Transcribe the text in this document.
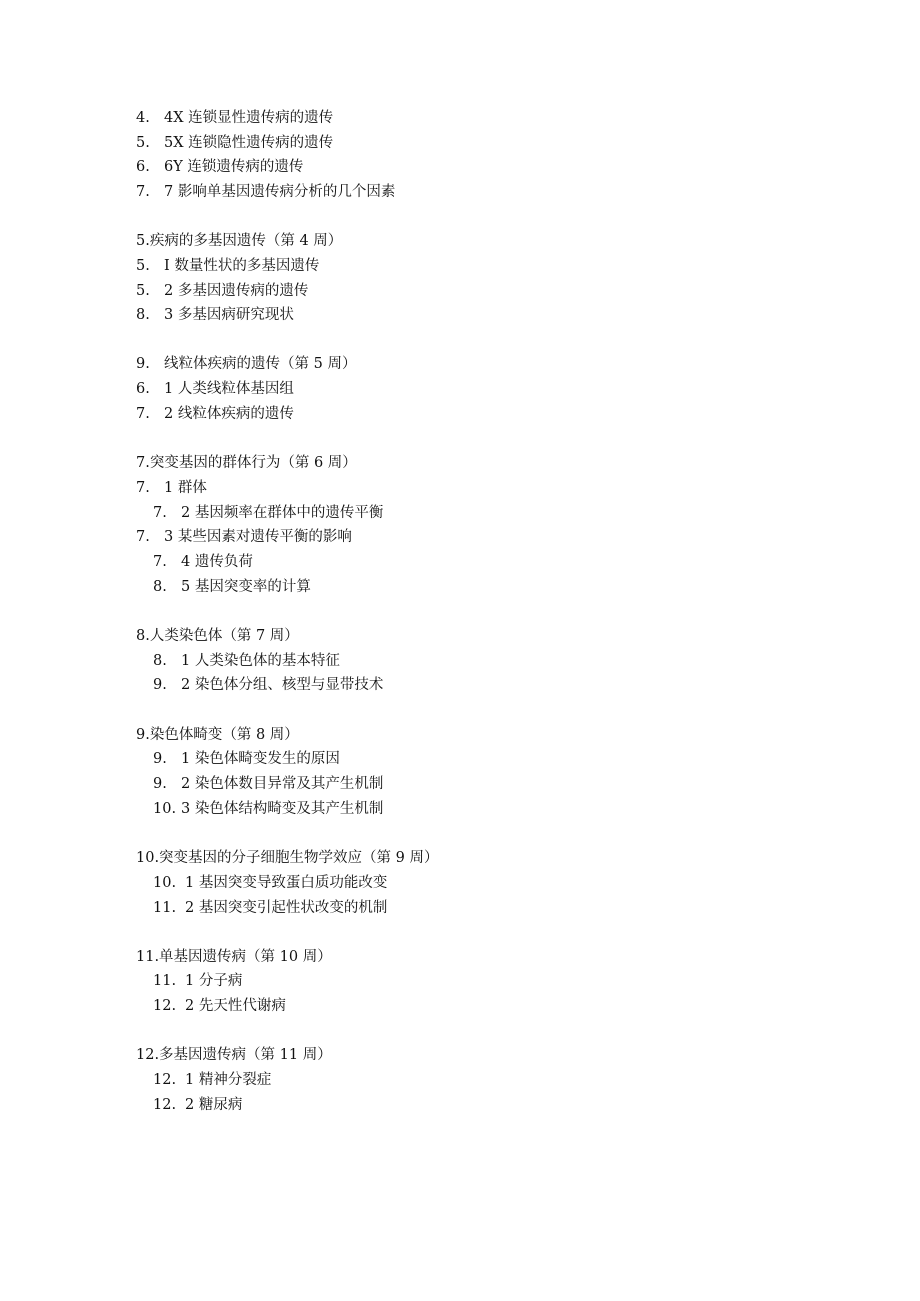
4. 4X 连锁显性遗传病的遗传
5. 5X 连锁隐性遗传病的遗传
6. 6Y 连锁遗传病的遗传
7. 7 影响单基因遗传病分析的几个因素
5.疾病的多基因遗传（第 4 周）
5. I 数量性状的多基因遗传
5. 2 多基因遗传病的遗传
8. 3 多基因病研究现状
9. 线粒体疾病的遗传（第 5 周）
6. 1 人类线粒体基因组
7. 2 线粒体疾病的遗传
7.突变基因的群体行为（第 6 周）
7. 1 群体
7. 2 基因频率在群体中的遗传平衡
7. 3 某些因素对遗传平衡的影响
7. 4 遗传负荷
8. 5 基因突变率的计算
8.人类染色体（第 7 周）
8. 1 人类染色体的基本特征
9. 2 染色体分组、核型与显带技术
9.染色体畸变（第 8 周）
9. 1 染色体畸变发生的原因
9. 2 染色体数目异常及其产生机制
10. 3 染色体结构畸变及其产生机制
10.突变基因的分子细胞生物学效应（第 9 周）
10. 1 基因突变导致蛋白质功能改变
11. 2 基因突变引起性状改变的机制
11.单基因遗传病（第 10 周）
11. 1 分子病
12. 2 先天性代谢病
12.多基因遗传病（第 11 周）
12. 1 精神分裂症
12. 2 糖尿病
